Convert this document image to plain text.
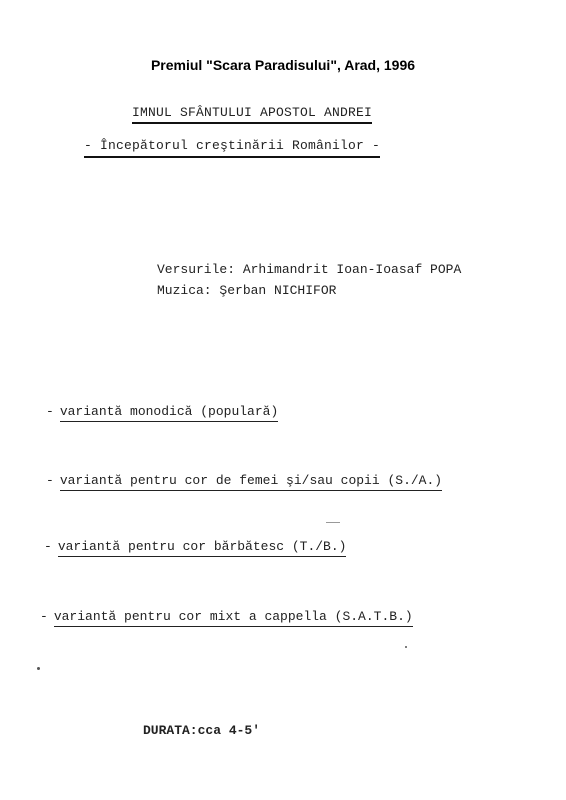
Premiul "Scara Paradisului", Arad, 1996
IMNUL SFÂNTULUI APOSTOL ANDREI
- Începătorul creştinării Românilor -
Versurile: Arhimandrit Ioan-Ioasaf POPA
Muzica: Şerban NICHIFOR
- variantă monodică (populară)
- variantă pentru cor de femei şi/sau copii (S./A.)
- variantă pentru cor bărbătesc (T./B.)
- variantă pentru cor mixt a cappella (S.A.T.B.)
DURATA:cca 4-5'
